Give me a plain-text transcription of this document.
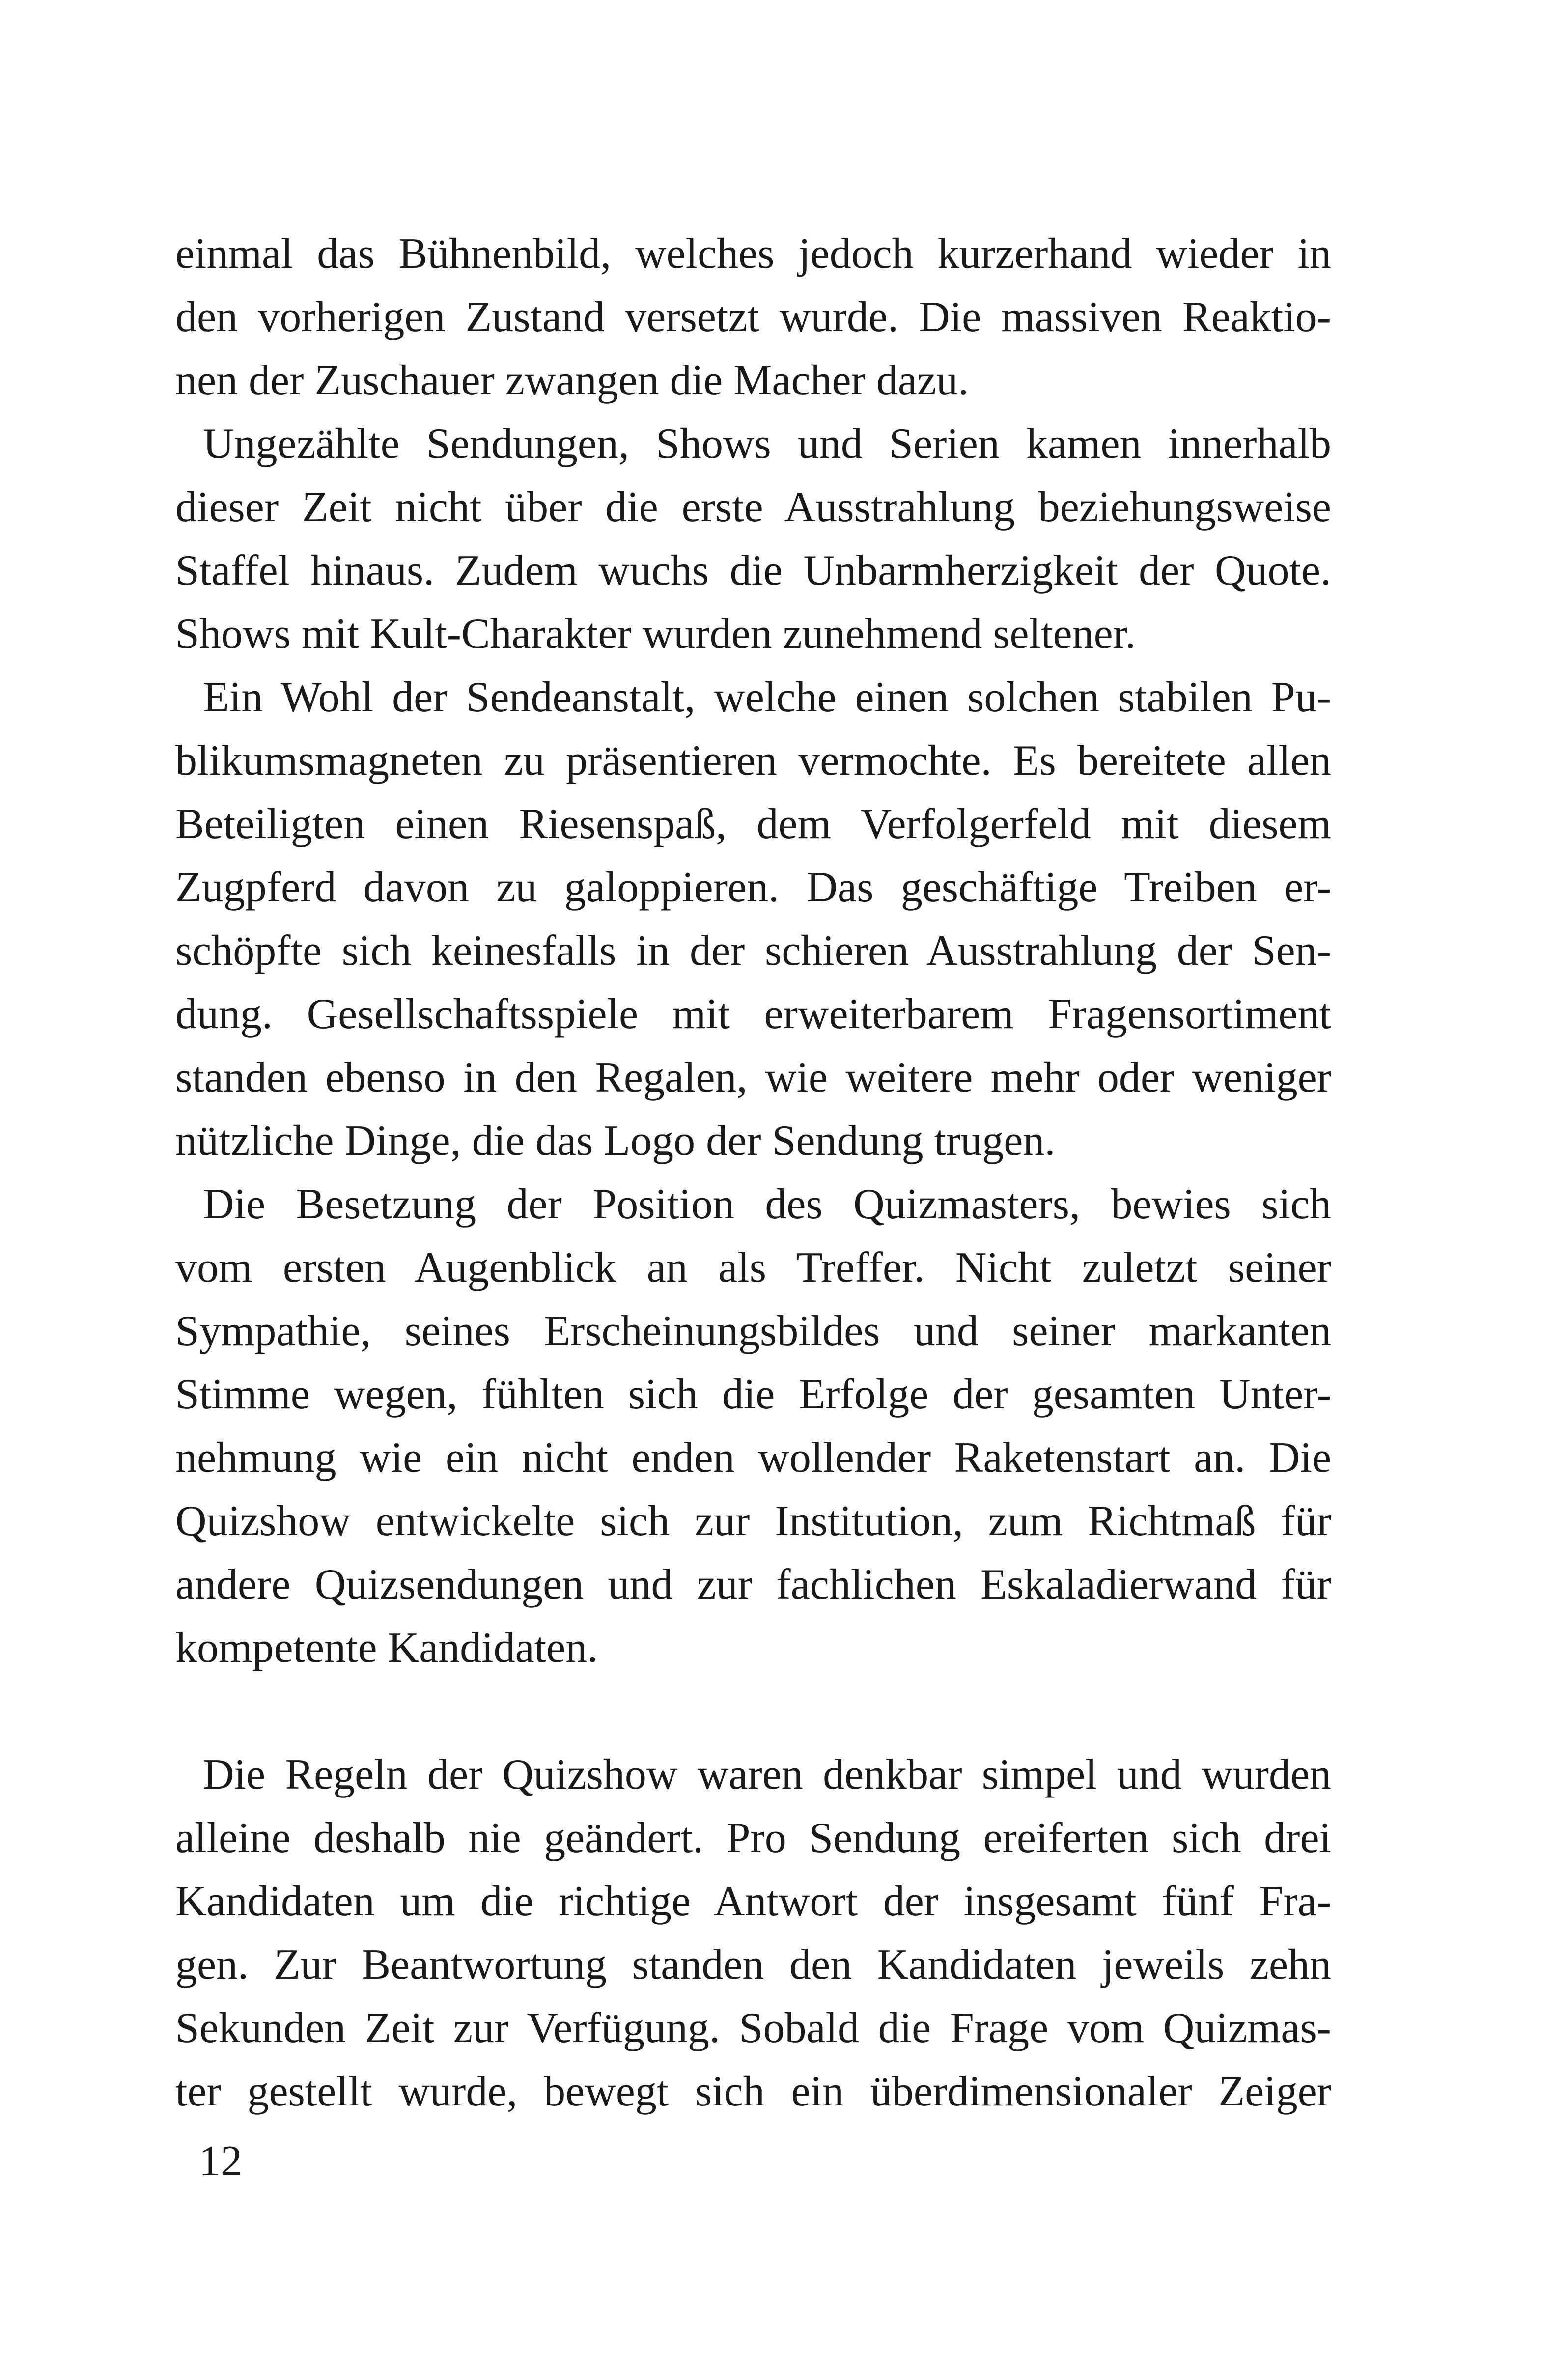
einmal das Bühnenbild, welches jedoch kurzerhand wieder in
den vorherigen Zustand versetzt wurde. Die massiven Reaktio-
nen der Zuschauer zwangen die Macher dazu.
Ungezählte Sendungen, Shows und Serien kamen innerhalb
dieser Zeit nicht über die erste Ausstrahlung beziehungsweise
Staffel hinaus. Zudem wuchs die Unbarmherzigkeit der Quote.
Shows mit Kult-Charakter wurden zunehmend seltener.
Ein Wohl der Sendeanstalt, welche einen solchen stabilen Pu-
blikumsmagneten zu präsentieren vermochte. Es bereitete allen
Beteiligten einen Riesenspaß, dem Verfolgerfeld mit diesem
Zugpferd davon zu galoppieren. Das geschäftige Treiben er-
schöpfte sich keinesfalls in der schieren Ausstrahlung der Sen-
dung. Gesellschaftsspiele mit erweiterbarem Fragensortiment
standen ebenso in den Regalen, wie weitere mehr oder weniger
nützliche Dinge, die das Logo der Sendung trugen.
Die Besetzung der Position des Quizmasters, bewies sich
vom ersten Augenblick an als Treffer. Nicht zuletzt seiner
Sympathie, seines Erscheinungsbildes und seiner markanten
Stimme wegen, fühlten sich die Erfolge der gesamten Unter-
nehmung wie ein nicht enden wollender Raketenstart an. Die
Quizshow entwickelte sich zur Institution, zum Richtmaß für
andere Quizsendungen und zur fachlichen Eskaladierwand für
kompetente Kandidaten.
Die Regeln der Quizshow waren denkbar simpel und wurden
alleine deshalb nie geändert. Pro Sendung ereiferten sich drei
Kandidaten um die richtige Antwort der insgesamt fünf Fra-
gen. Zur Beantwortung standen den Kandidaten jeweils zehn
Sekunden Zeit zur Verfügung. Sobald die Frage vom Quizmas-
ter gestellt wurde, bewegt sich ein überdimensionaler Zeiger
12
